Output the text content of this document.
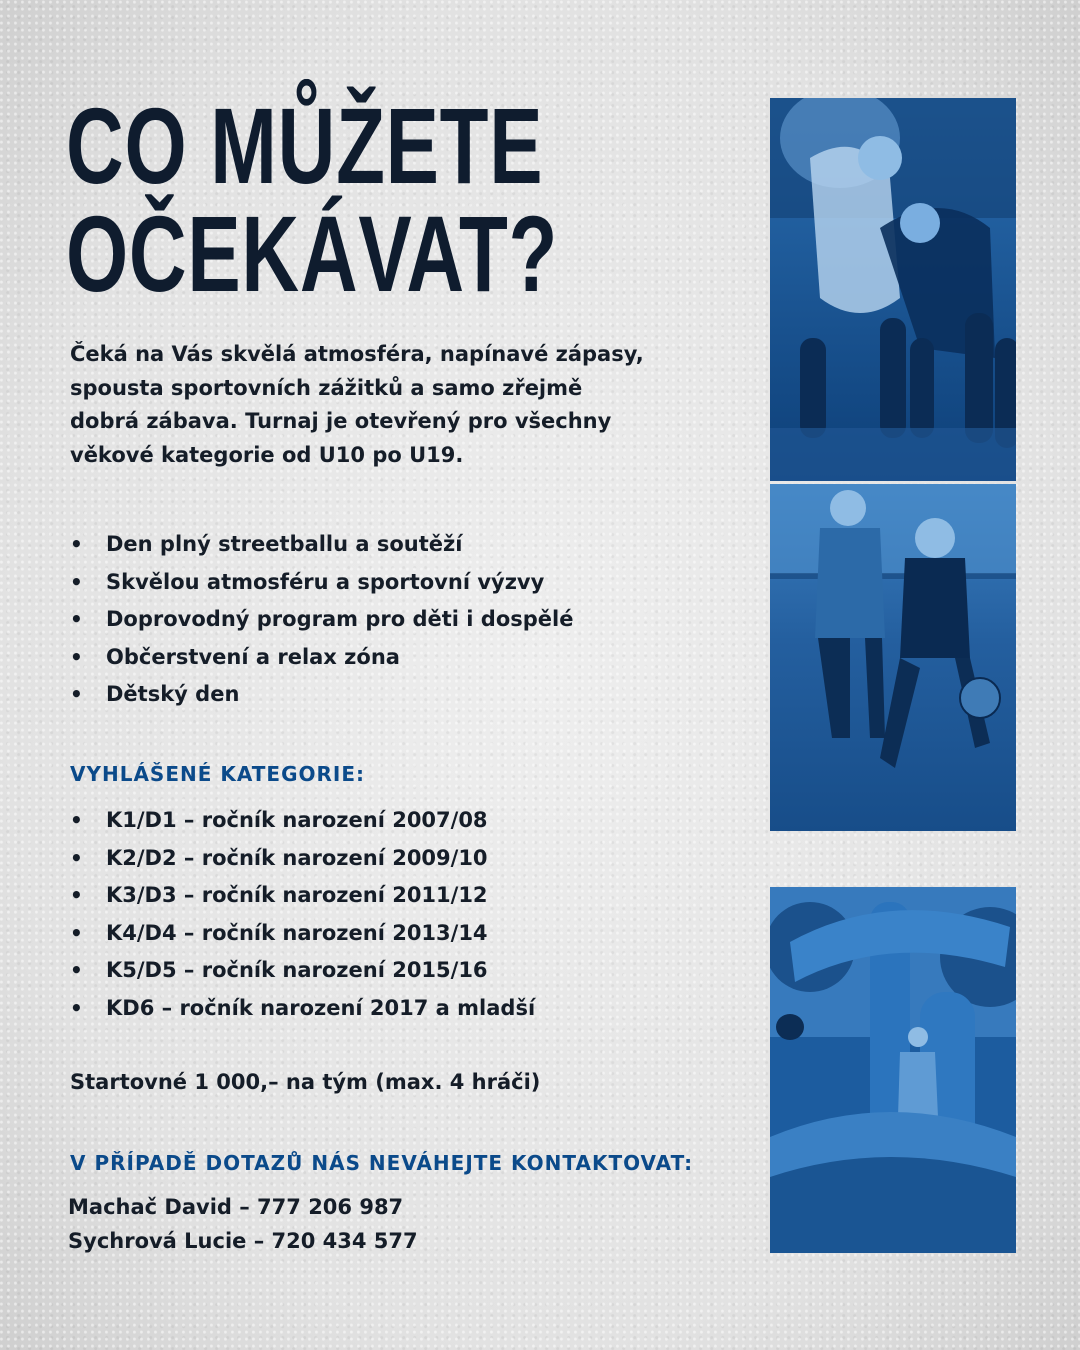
CO MŮŽETE
OČEKÁVAT?

Čeká na Vás skvělá atmosféra, napínavé zápasy, spousta sportovních zážitků a samo zřejmě dobrá zábava. Turnaj je otevřený pro všechny věkové kategorie od U10 po U19.

• Den plný streetballu a soutěží
• Skvělou atmosféru a sportovní výzvy
• Doprovodný program pro děti i dospělé
• Občerstvení a relax zóna
• Dětský den
VYHLÁŠENÉ KATEGORIE:
• K1/D1 – ročník narození 2007/08
• K2/D2 – ročník narození 2009/10
• K3/D3 – ročník narození 2011/12
• K4/D4 – ročník narození 2013/14
• K5/D5 – ročník narození 2015/16
• KD6 – ročník narození 2017 a mladší

Startovné 1 000,– na tým (max. 4 hráči)

V PŘÍPADĚ DOTAZŮ NÁS NEVÁHEJTE KONTAKTOVAT:
Machač David – 777 206 987
Sychrová Lucie – 720 434 577
